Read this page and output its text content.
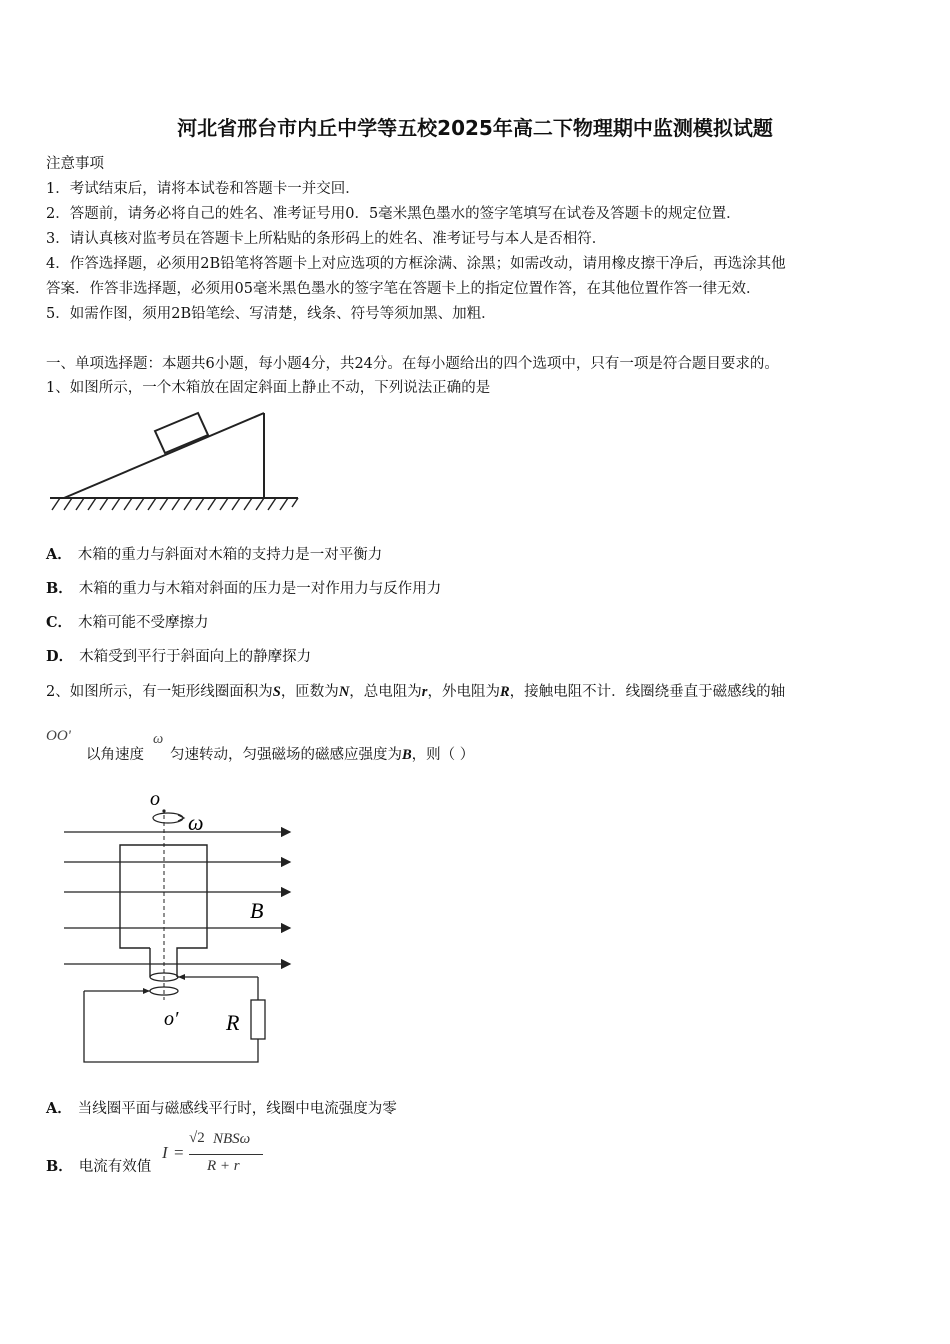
河北省邢台市内丘中学等五校2025年高二下物理期中监测模拟试题
注意事项
1．考试结束后，请将本试卷和答题卡一并交回．
2．答题前，请务必将自己的姓名、准考证号用0．5毫米黑色墨水的签字笔填写在试卷及答题卡的规定位置．
3．请认真核对监考员在答题卡上所粘贴的条形码上的姓名、准考证号与本人是否相符．
4．作答选择题，必须用2B铅笔将答题卡上对应选项的方框涂满、涂黑；如需改动，请用橡皮擦干净后，再选涂其他
答案．作答非选择题，必须用05毫米黑色墨水的签字笔在答题卡上的指定位置作答，在其他位置作答一律无效．
5．如需作图，须用2B铅笔绘、写清楚，线条、符号等须加黑、加粗．
一、单项选择题：本题共6小题，每小题4分，共24分。在每小题给出的四个选项中，只有一项是符合题目要求的。
1、如图所示，一个木箱放在固定斜面上静止不动，下列说法正确的是
A． 木箱的重力与斜面对木箱的支持力是一对平衡力
B． 木箱的重力与木箱对斜面的压力是一对作用力与反作用力
C． 木箱可能不受摩擦力
D． 木箱受到平行于斜面向上的静摩探力
2、如图所示，有一矩形线圈面积为S，匝数为N，总电阻为r，外电阻为R，接触电阻不计．线圈绕垂直于磁感线的轴
OO'
以角速度
ω
匀速转动，匀强磁场的磁感应强度为B，则（ ）
o
ω
B
o′ R
A． 当线圈平面与磁感线平行时，线圈中电流强度为零
B． 电流有效值
I =
√2 NBSω
R + r
